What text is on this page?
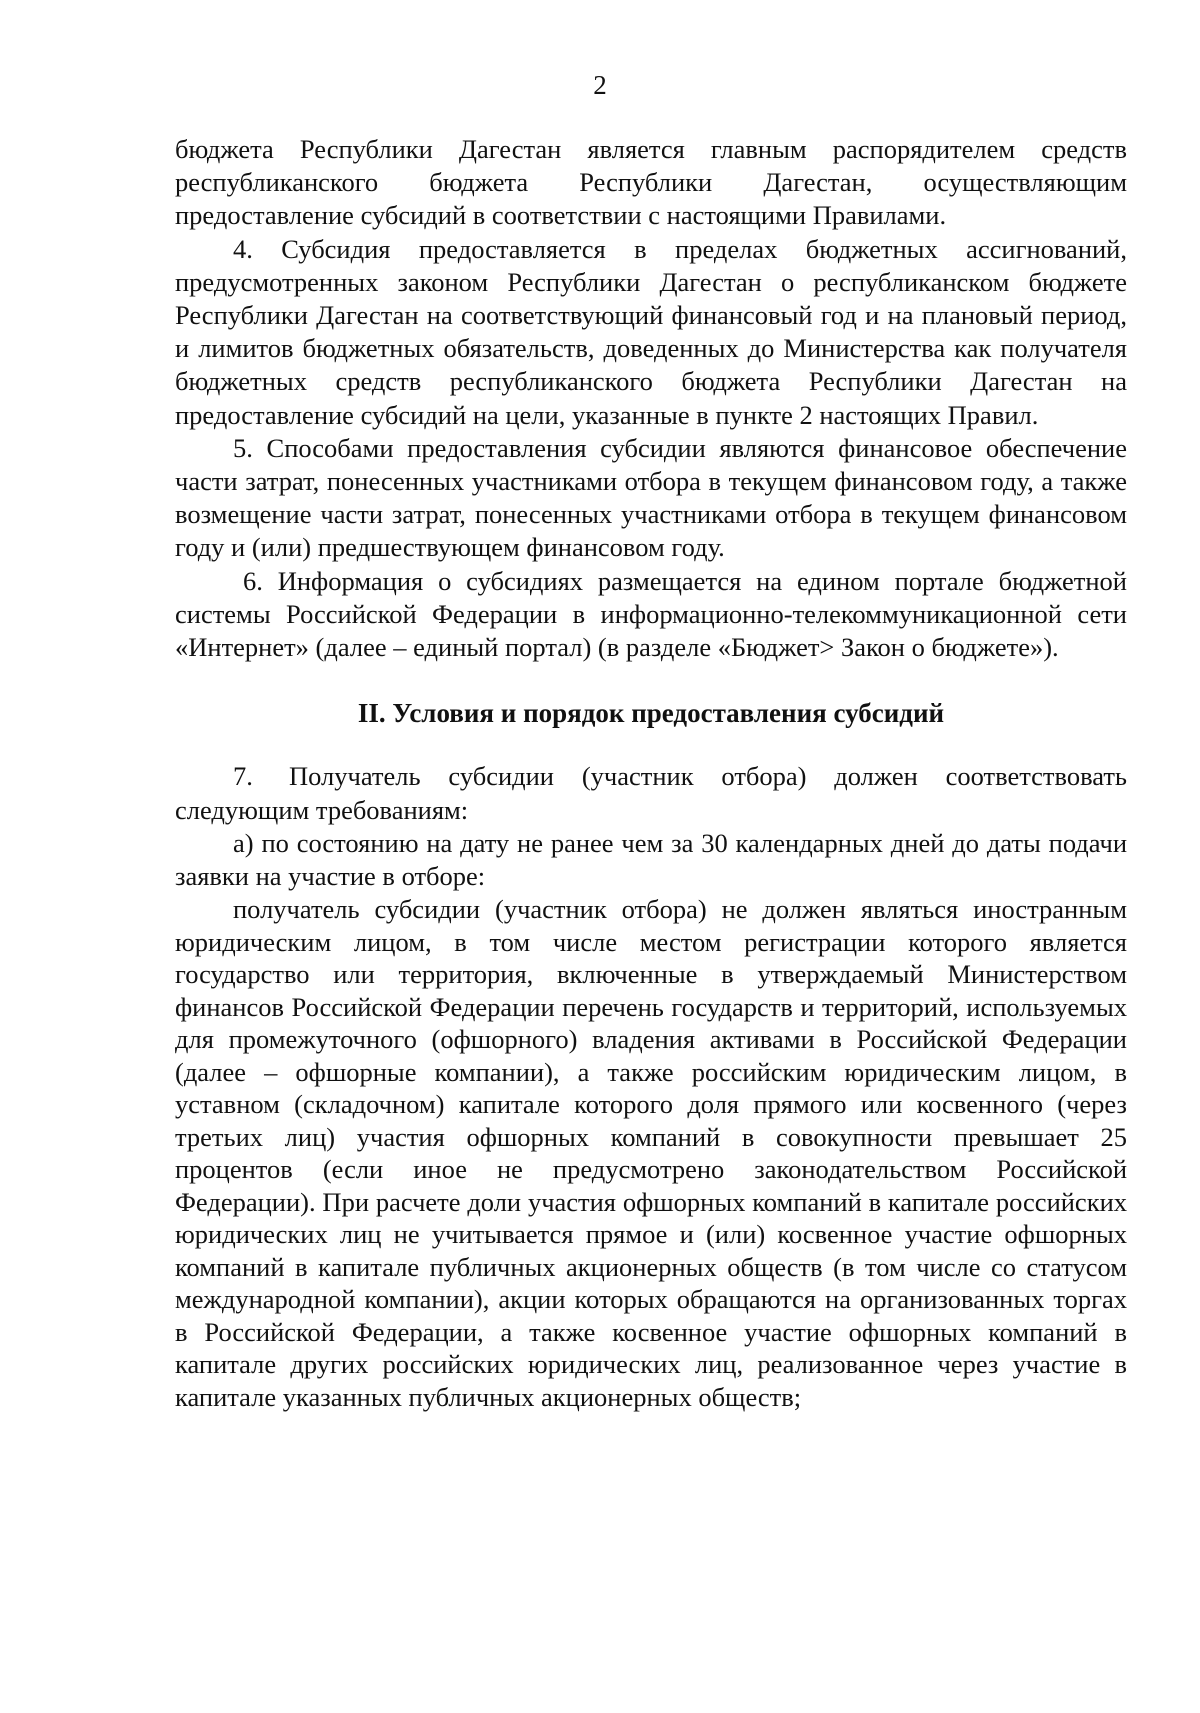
2

бюджета Республики Дагестан является главным распорядителем средств республиканского бюджета Республики Дагестан, осуществляющим предоставление субсидий в соответствии с настоящими Правилами.

4. Субсидия предоставляется в пределах бюджетных ассигнований, предусмотренных законом Республики Дагестан о республиканском бюджете Республики Дагестан на соответствующий финансовый год и на плановый период, и лимитов бюджетных обязательств, доведенных до Министерства как получателя бюджетных средств республиканского бюджета Республики Дагестан на предоставление субсидий на цели, указанные в пункте 2 настоящих Правил.

5. Способами предоставления субсидии являются финансовое обеспечение части затрат, понесенных участниками отбора в текущем финансовом году, а также возмещение части затрат, понесенных участниками отбора в текущем финансовом году и (или) предшествующем финансовом году.

6. Информация о субсидиях размещается на едином портале бюджетной системы Российской Федерации в информационно-телекоммуникационной сети «Интернет» (далее – единый портал) (в разделе «Бюджет> Закон о бюджете»).

II. Условия и порядок предоставления субсидий

7. Получатель субсидии (участник отбора) должен соответствовать следующим требованиям:

а) по состоянию на дату не ранее чем за 30 календарных дней до даты подачи заявки на участие в отборе:

получатель субсидии (участник отбора) не должен являться иностранным юридическим лицом, в том числе местом регистрации которого является государство или территория, включенные в утверждаемый Министерством финансов Российской Федерации перечень государств и территорий, используемых для промежуточного (офшорного) владения активами в Российской Федерации (далее – офшорные компании), а также российским юридическим лицом, в уставном (складочном) капитале которого доля прямого или косвенного (через третьих лиц) участия офшорных компаний в совокупности превышает 25 процентов (если иное не предусмотрено законодательством Российской Федерации). При расчете доли участия офшорных компаний в капитале российских юридических лиц не учитывается прямое и (или) косвенное участие офшорных компаний в капитале публичных акционерных обществ (в том числе со статусом международной компании), акции которых обращаются на организованных торгах в Российской Федерации, а также косвенное участие офшорных компаний в капитале других российских юридических лиц, реализованное через участие в капитале указанных публичных акционерных обществ;
